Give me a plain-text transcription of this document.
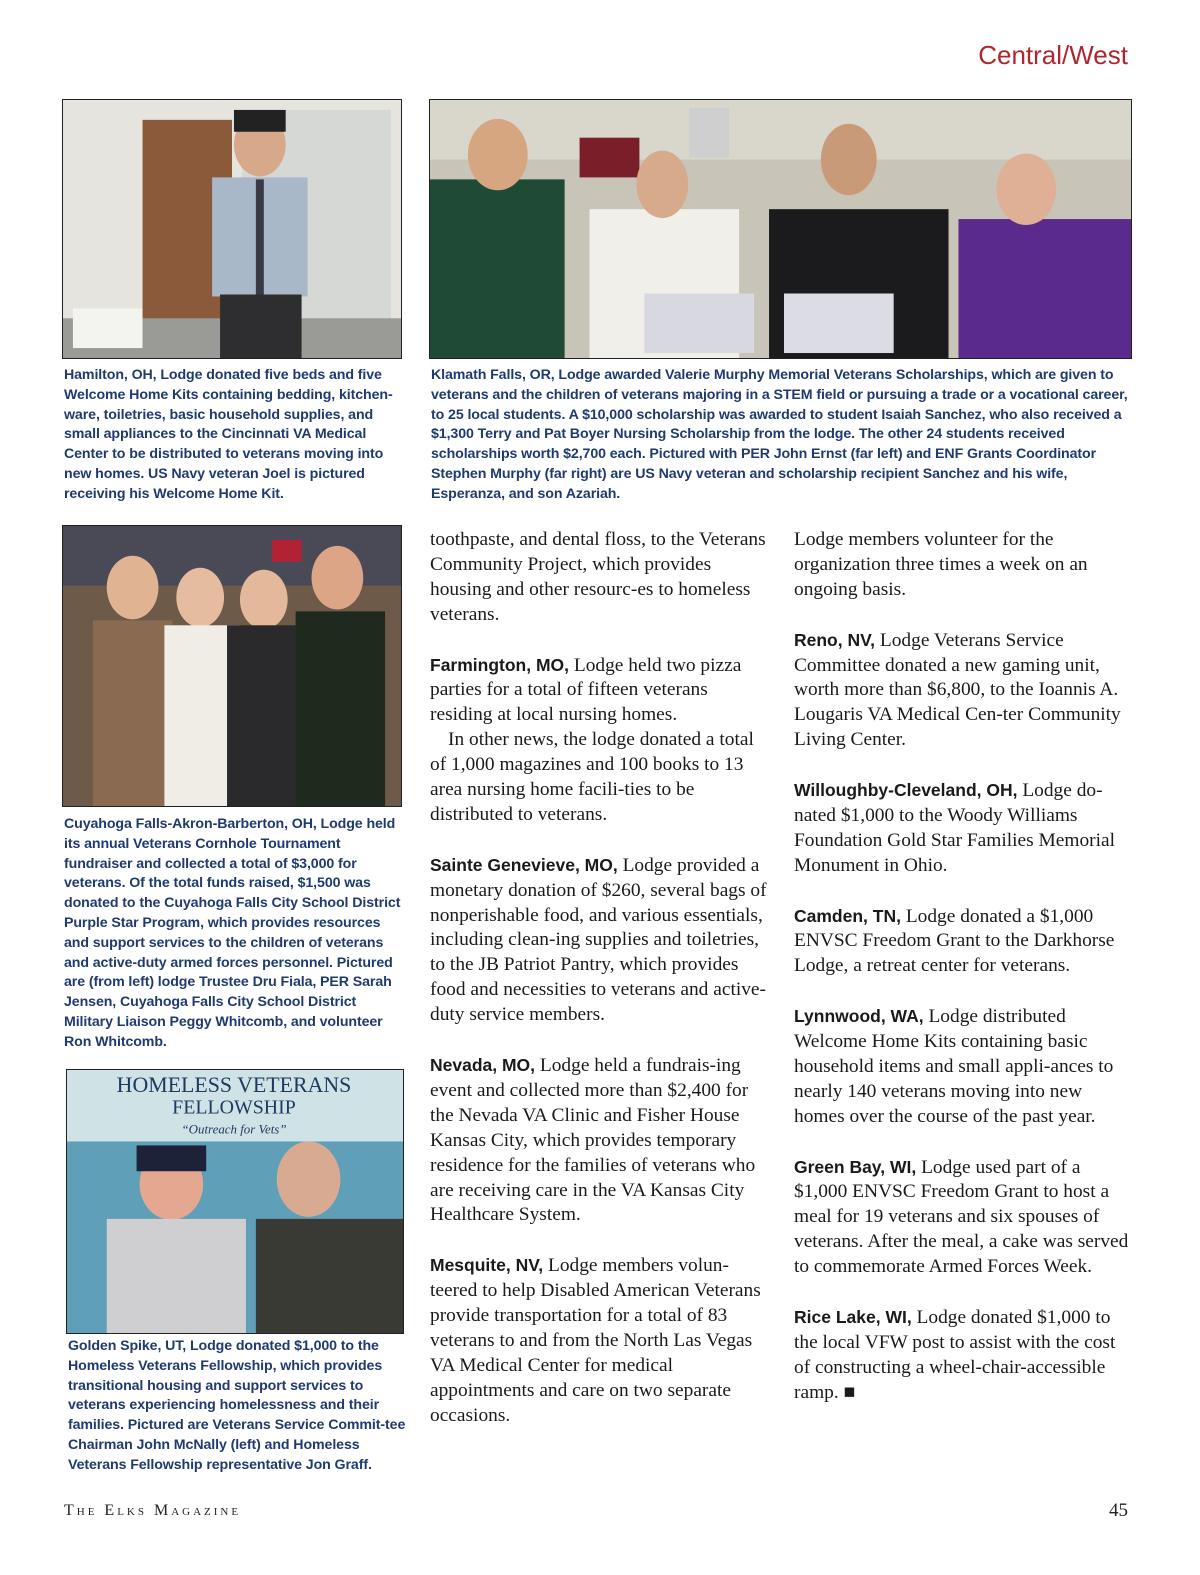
Central/West
Hamilton, OH, Lodge donated five beds and five Welcome Home Kits containing bedding, kitchen-ware, toiletries, basic household supplies, and small appliances to the Cincinnati VA Medical Center to be distributed to veterans moving into new homes. US Navy veteran Joel is pictured receiving his Welcome Home Kit.
Klamath Falls, OR, Lodge awarded Valerie Murphy Memorial Veterans Scholarships, which are given to veterans and the children of veterans majoring in a STEM field or pursuing a trade or a vocational career, to 25 local students. A $10,000 scholarship was awarded to student Isaiah Sanchez, who also received a $1,300 Terry and Pat Boyer Nursing Scholarship from the lodge. The other 24 students received scholarships worth $2,700 each. Pictured with PER John Ernst (far left) and ENF Grants Coordinator Stephen Murphy (far right) are US Navy veteran and scholarship recipient Sanchez and his wife, Esperanza, and son Azariah.
Cuyahoga Falls-Akron-Barberton, OH, Lodge held its annual Veterans Cornhole Tournament fundraiser and collected a total of $3,000 for veterans. Of the total funds raised, $1,500 was donated to the Cuyahoga Falls City School District Purple Star Program, which provides resources and support services to the children of veterans and active-duty armed forces personnel. Pictured are (from left) lodge Trustee Dru Fiala, PER Sarah Jensen, Cuyahoga Falls City School District Military Liaison Peggy Whitcomb, and volunteer Ron Whitcomb.
HOMELESS VETERANS
FELLOWSHIP
“Outreach for Vets”
Golden Spike, UT, Lodge donated $1,000 to the Homeless Veterans Fellowship, which provides transitional housing and support services to veterans experiencing homelessness and their families. Pictured are Veterans Service Commit-tee Chairman John McNally (left) and Homeless Veterans Fellowship representative Jon Graff.

toothpaste, and dental floss, to the Veterans Community Project, which provides housing and other resourc-es to homeless veterans.

Farmington, MO, Lodge held two pizza parties for a total of fifteen veterans residing at local nursing homes.

In other news, the lodge donated a total of 1,000 magazines and 100 books to 13 area nursing home facili-ties to be distributed to veterans.

Sainte Genevieve, MO, Lodge provided a monetary donation of $260, several bags of nonperishable food, and various essentials, including clean-ing supplies and toiletries, to the JB Patriot Pantry, which provides food and necessities to veterans and active-duty service members.

Nevada, MO, Lodge held a fundrais-ing event and collected more than $2,400 for the Nevada VA Clinic and Fisher House Kansas City, which provides temporary residence for the families of veterans who are receiving care in the VA Kansas City Healthcare System.

Mesquite, NV, Lodge members volun-teered to help Disabled American Veterans provide transportation for a total of 83 veterans to and from the North Las Vegas VA Medical Center for medical appointments and care on two separate occasions.

Lodge members volunteer for the organization three times a week on an ongoing basis.

Reno, NV, Lodge Veterans Service Committee donated a new gaming unit, worth more than $6,800, to the Ioannis A. Lougaris VA Medical Cen-ter Community Living Center.

Willoughby-Cleveland, OH, Lodge do-nated $1,000 to the Woody Williams Foundation Gold Star Families Memorial Monument in Ohio.

Camden, TN, Lodge donated a $1,000 ENVSC Freedom Grant to the Darkhorse Lodge, a retreat center for veterans.

Lynnwood, WA, Lodge distributed Welcome Home Kits containing basic household items and small appli-ances to nearly 140 veterans moving into new homes over the course of the past year.

Green Bay, WI, Lodge used part of a $1,000 ENVSC Freedom Grant to host a meal for 19 veterans and six spouses of veterans. After the meal, a cake was served to commemorate Armed Forces Week.

Rice Lake, WI, Lodge donated $1,000 to the local VFW post to assist with the cost of constructing a wheel-chair-accessible ramp. ■

The Elks Magazine	45
